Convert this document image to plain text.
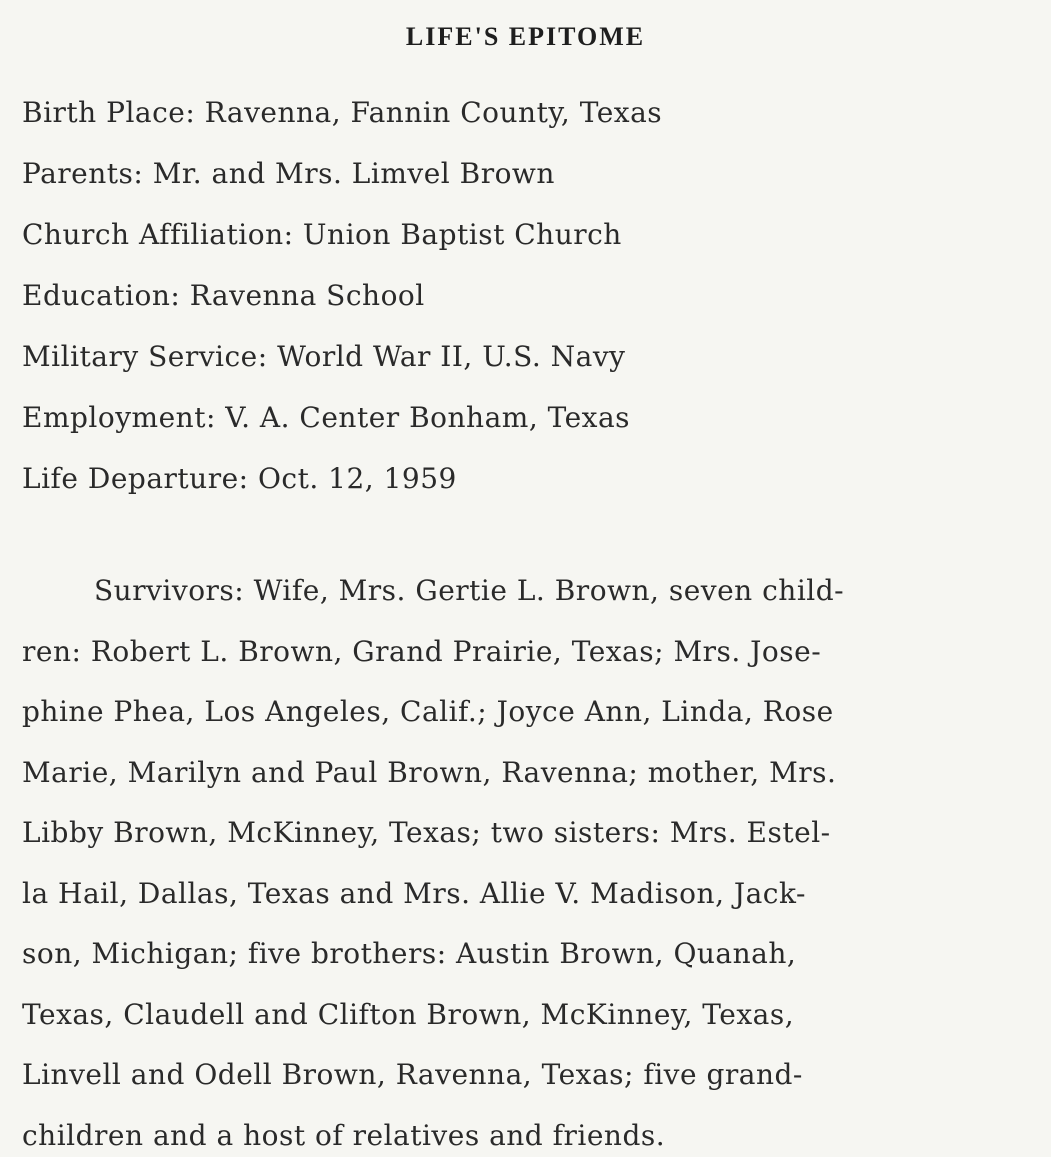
LIFE'S EPITOME
Birth Place: Ravenna, Fannin County, Texas
Parents: Mr. and Mrs. Limvel Brown
Church Affiliation: Union Baptist Church
Education: Ravenna School
Military Service: World War II, U.S. Navy
Employment: V. A. Center Bonham, Texas
Life Departure: Oct. 12, 1959
Survivors: Wife, Mrs. Gertie L. Brown, seven child-
ren: Robert L. Brown, Grand Prairie, Texas; Mrs. Jose-
phine Phea, Los Angeles, Calif.; Joyce Ann, Linda, Rose
Marie, Marilyn and Paul Brown, Ravenna; mother, Mrs.
Libby Brown, McKinney, Texas; two sisters: Mrs. Estel-
la Hail, Dallas, Texas and Mrs. Allie V. Madison, Jack-
son, Michigan; five brothers: Austin Brown, Quanah,
Texas, Claudell and Clifton Brown, McKinney, Texas,
Linvell and Odell Brown, Ravenna, Texas; five grand-
children and a host of relatives and friends.
